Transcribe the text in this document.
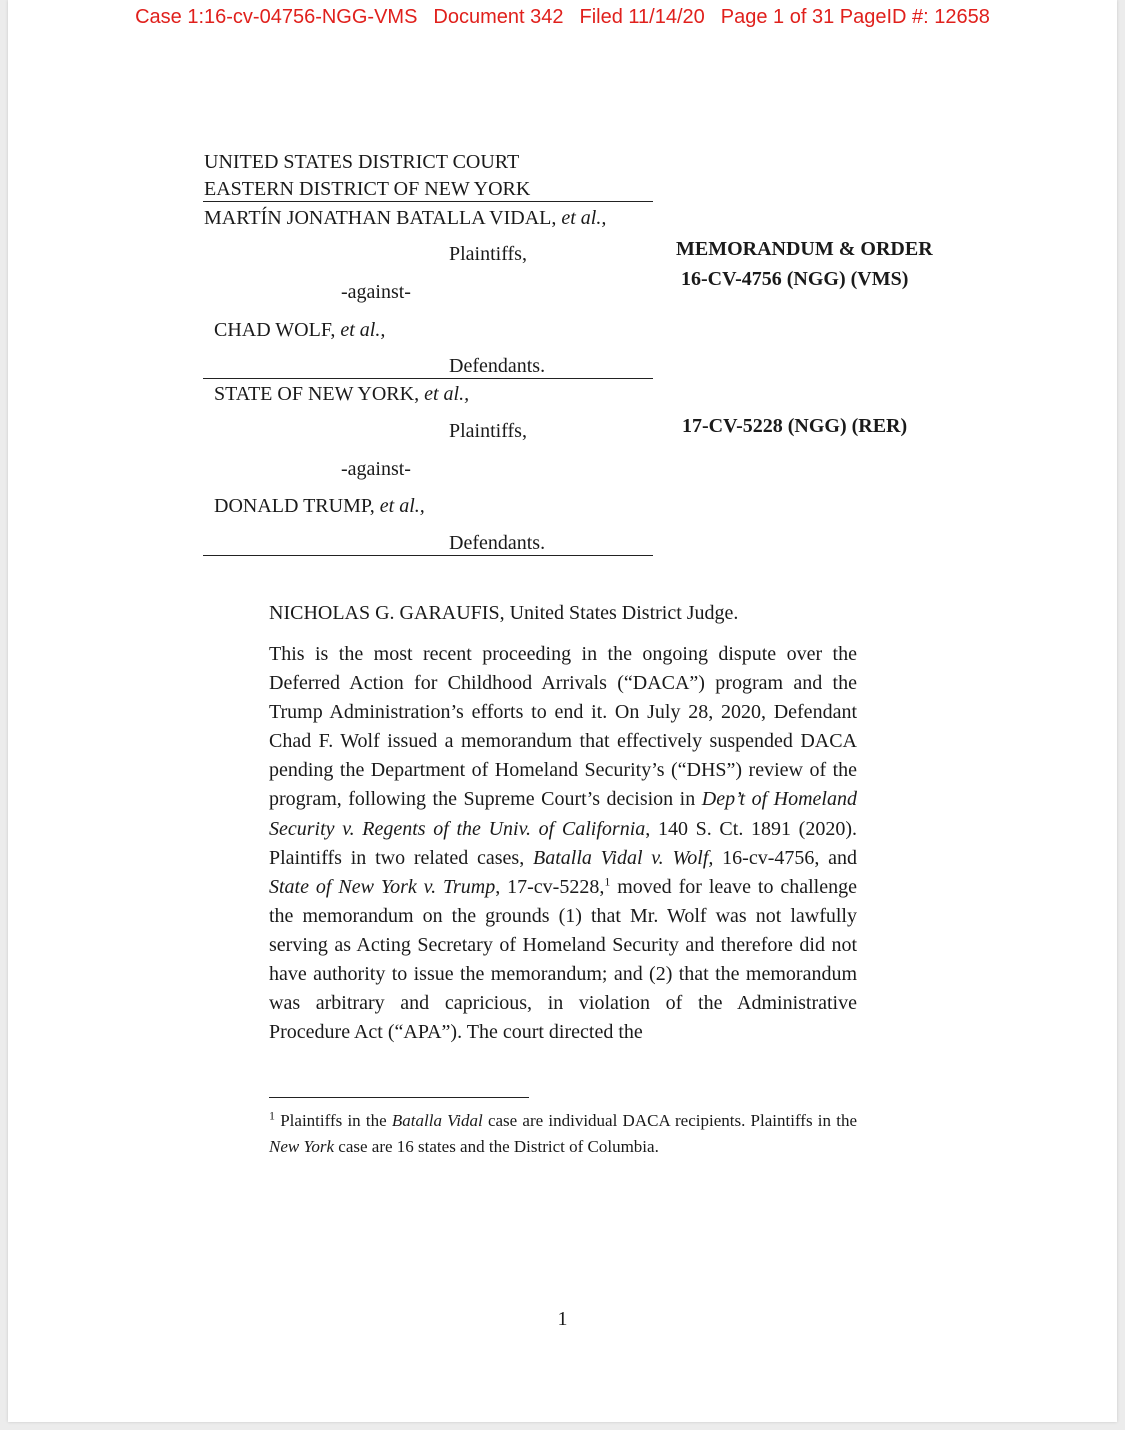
Case 1:16-cv-04756-NGG-VMS Document 342 Filed 11/14/20 Page 1 of 31 PageID #: 12658
UNITED STATES DISTRICT COURT
EASTERN DISTRICT OF NEW YORK
MARTÍN JONATHAN BATALLA VIDAL, et al.,
Plaintiffs,	MEMORANDUM & ORDER
16-CV-4756 (NGG) (VMS)
-against-
CHAD WOLF, et al.,
Defendants.
STATE OF NEW YORK, et al.,
Plaintiffs,	17-CV-5228 (NGG) (RER)
-against-
DONALD TRUMP, et al.,
Defendants.
NICHOLAS G. GARAUFIS, United States District Judge.

This is the most recent proceeding in the ongoing dispute over the Deferred Action for Childhood Arrivals (“DACA”) program and the Trump Administration’s efforts to end it. On July 28, 2020, Defendant Chad F. Wolf issued a memorandum that effectively suspended DACA pending the Department of Homeland Security’s (“DHS”) review of the program, following the Supreme Court’s decision in Dep’t of Homeland Security v. Regents of the Univ. of California, 140 S. Ct. 1891 (2020). Plaintiffs in two related cases, Batalla Vidal v. Wolf, 16-cv-4756, and State of New York v. Trump, 17-cv-5228,$^1$ moved for leave to challenge the memorandum on the grounds (1) that Mr. Wolf was not lawfully serving as Acting Secretary of Homeland Security and therefore did not have authority to issue the memorandum; and (2) that the memorandum was arbitrary and capricious, in violation of the Administrative Procedure Act (“APA”). The court directed the

$^1$ Plaintiffs in the Batalla Vidal case are individual DACA recipients. Plaintiffs in the New York case are 16 states and the District of Columbia.
1
